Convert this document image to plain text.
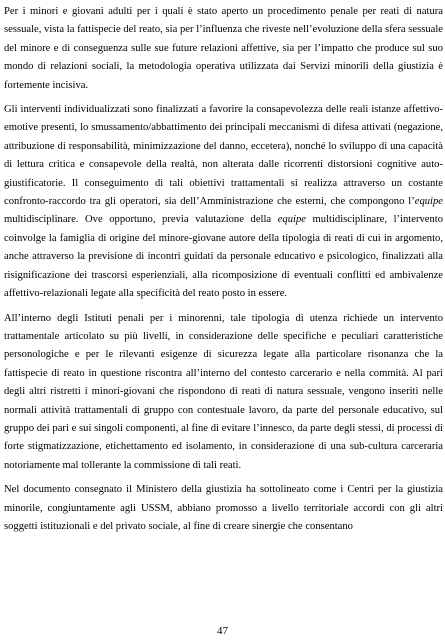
Per i minori e giovani adulti per i quali è stato aperto un procedimento penale per reati di natura sessuale, vista la fattispecie del reato, sia per l’influenza che riveste nell’evoluzione della sfera sessuale del minore e di conseguenza sulle sue future relazioni affettive, sia per l’impatto che produce sul suo mondo di relazioni sociali, la metodologia operativa utilizzata dai Servizi minorili della giustizia è fortemente incisiva.

Gli interventi individualizzati sono finalizzati a favorire la consapevolezza delle reali istanze affettivo-emotive presenti, lo smussamento/abbattimento dei principali meccanismi di difesa attivati (negazione, attribuzione di responsabilità, minimizzazione del danno, eccetera), nonché lo sviluppo di una capacità di lettura critica e consapevole della realtà, non alterata dalle ricorrenti distorsioni cognitive auto-giustificatorie. Il conseguimento di tali obiettivi trattamentali si realizza attraverso un costante confronto-raccordo tra gli operatori, sia dell’Amministrazione che esterni, che compongono l’equipe multidisciplinare. Ove opportuno, previa valutazione della equipe multidisciplinare, l’intervento coinvolge la famiglia di origine del minore-giovane autore della tipologia di reati di cui in argomento, anche attraverso la previsione di incontri guidati da personale educativo e psicologico, finalizzati alla risignificazione dei trascorsi esperienziali, alla ricomposizione di eventuali conflitti ed ambivalenze affettivo-relazionali legate alla specificità del reato posto in essere.

All’interno degli Istituti penali per i minorenni, tale tipologia di utenza richiede un intervento trattamentale articolato su più livelli, in considerazione delle specifiche e peculiari caratteristiche personologiche e per le rilevanti esigenze di sicurezza legate alla particolare risonanza che la fattispecie di reato in questione riscontra all’interno del contesto carcerario e nella commità. Al pari degli altri ristretti i minori-giovani che rispondono di reati di natura sessuale, vengono inseriti nelle normali attività trattamentali di gruppo con contestuale lavoro, da parte del personale educativo, sul gruppo dei pari e sui singoli componenti, al fine di evitare l’innesco, da parte degli stessi, di processi di forte stigmatizzazione, etichettamento ed isolamento, in considerazione di una sub-cultura carceraria notoriamente mal tollerante la commissione di tali reati.

Nel documento consegnato il Ministero della giustizia ha sottolineato come i Centri per la giustizia minorile, congiuntamente agli USSM, abbiano promosso a livello territoriale accordi con gli altri soggetti istituzionali e del privato sociale, al fine di creare sinergie che consentano

47
